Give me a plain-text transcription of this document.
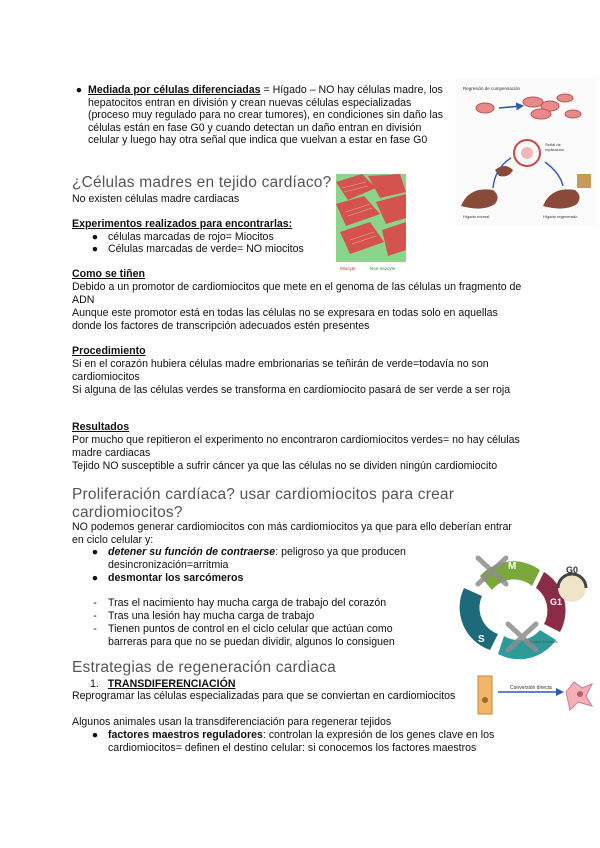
● Mediada por células diferenciadas = Hígado – NO hay células madre, los hepatocitos entran en división y crean nuevas células especializadas (proceso muy regulado para no crear tumores), en condiciones sin daño las células están en fase G0 y cuando detectan un daño entran en división celular y luego hay otra señal que indica que vuelvan a estar en fase G0

Regresión de compensación
Señal de
replicación
Hígado normal	Hígado regenerado
¿Células madres en tejido cardíaco?
No existen células madre cardiacas
Experimentos realizados para encontrarlas:
● células marcadas de rojo= Miocitos
● Células marcadas de verde= NO miocitos
Miocyte	Non-miocyte
Como se tiñen

Debido a un promotor de cardiomiocitos que mete en el genoma de las células un fragmento de ADN

Aunque este promotor está en todas las células no se expresara en todas solo en aquellas donde los factores de transcripción adecuados estén presentes

Procedimiento

Si en el corazón hubiera células madre embrionarias se teñirán de verde=todavía no son cardiomiocitos

Si alguna de las células verdes se transforma en cardiomiocito pasará de ser verde a ser roja

Resultados

Por mucho que repitieron el experimento no encontraron cardiomiocitos verdes= no hay células madre cardiacas

Tejido NO susceptible a sufrir cáncer ya que las células no se dividen ningún cardiomiocito

Proliferación cardíaca? usar cardiomiocitos para crear cardiomiocitos?

NO podemos generar cardiomiocitos con más cardiomiocitos ya que para ello deberían entrar en ciclo celular y:

● detener su función de contraerse: peligroso ya que producen desincronización=arritmia

● desmontar los sarcómeros
-	Tras el nacimiento hay mucha carga de trabajo del corazón
-	Tras una lesión hay mucha carga de trabajo
-	Tienen puntos de control en el ciclo celular que actúan como barreras para que no se puedan dividir, algunos lo consiguen	Control de puntos
M
G2
G1
S
G0
Estrategias de regeneración cardiaca
1. TRANSDIFERENCIACIÓN

Reprogramar las células especializadas para que se conviertan en cardiomiocitos

Algunos animales usan la transdiferenciación para regenerar tejidos

● factores maestros reguladores: controlan la expresión de los genes clave en los cardiomiocitos= definen el destino celular: si conocemos los factores maestros

Conversión directa
